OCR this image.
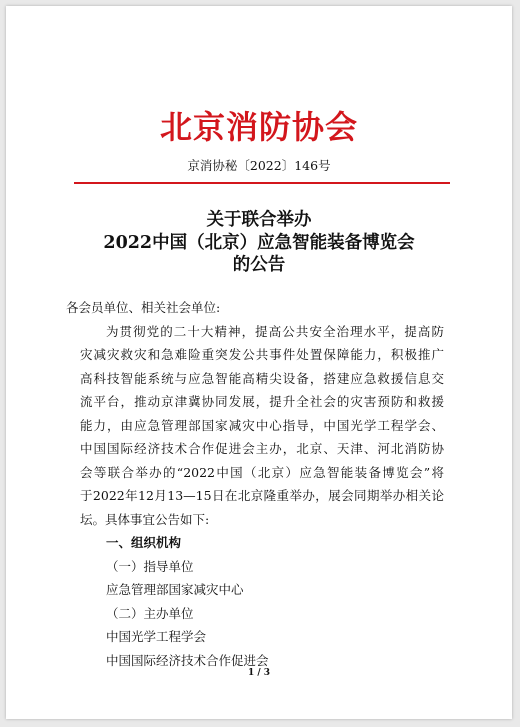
北京消防协会
京消协秘〔2022〕146号
关于联合举办
2022中国（北京）应急智能装备博览会
的公告
各会员单位、相关社会单位:
为贯彻党的二十大精神，提高公共安全治理水平，提高防
灾减灾救灾和急难险重突发公共事件处置保障能力，积极推广
高科技智能系统与应急智能高精尖设备，搭建应急救援信息交
流平台，推动京津冀协同发展，提升全社会的灾害预防和救援
能力，由应急管理部国家减灾中心指导，中国光学工程学会、
中国国际经济技术合作促进会主办，北京、天津、河北消防协
会等联合举办的“2022中国（北京）应急智能装备博览会”将
于2022年12月13—15日在北京隆重举办，展会同期举办相关论
坛。具体事宜公告如下:
一、组织机构
（一）指导单位
应急管理部国家减灾中心
（二）主办单位
中国光学工程学会
中国国际经济技术合作促进会
1 / 3
